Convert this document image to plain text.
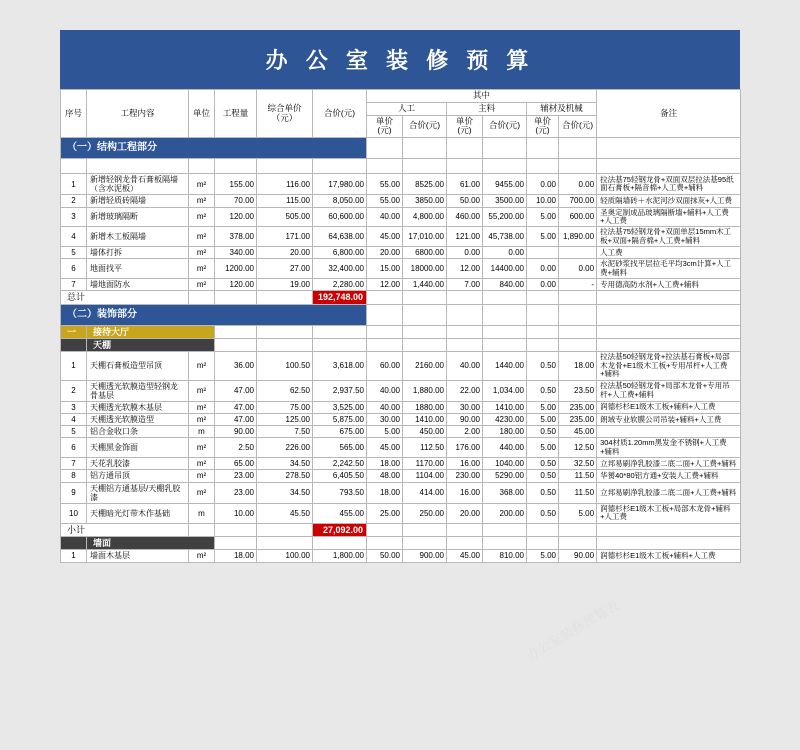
办 公 室 装 修 预 算
序号	工程内容	单位	工程量	综合单价（元）	合价(元)	其中						备注
						人工		主料		辅材及机械		
						单价(元)	合价(元)	单价(元)	合价(元)	单价(元)	合价(元)	
（一）结构工程部分												

1	新增轻钢龙骨石膏板隔墙（含水泥板）	m²	155.00	116.00	17,980.00	55.00	8525.00	61.00	9455.00	0.00	0.00	拉法基75轻钢龙骨+双面双层拉法基95纸面石膏板+隔音棉+人工费+辅料
2	新增轻质砖隔墙	m²	70.00	115.00	8,050.00	55.00	3850.00	50.00	3500.00	10.00	700.00	轻质隔墙砖＋水泥河沙双面抹灰+人工费
3	新增玻璃隔断	m²	120.00	505.00	60,600.00	40.00	4,800.00	460.00	55,200.00	5.00	600.00	圣奥定制成品玻璃隔断墙+辅料+人工费+人工费
4	新增木工板隔墙	m²	378.00	171.00	64,638.00	45.00	17,010.00	121.00	45,738.00	5.00	1,890.00	拉法基75轻钢龙骨+双面单层15mm木工板+双面+隔音棉+人工费+辅料
5	墙体打拆	m²	340.00	20.00	6,800.00	20.00	6800.00	0.00	0.00			人工费
6	地面找平	m²	1200.00	27.00	32,400.00	15.00	18000.00	12.00	14400.00	0.00	0.00	水泥砂浆找平层拉毛平均3cm计算+人工费+辅料
7	墙地面防水	m²	120.00	19.00	2,280.00	12.00	1,440.00	7.00	840.00	0.00	-	专用德高防水剂+人工费+辅料
总计					192,748.00							
（二）装饰部分												
一	接待大厅											
	天棚											
1	天棚石膏板造型吊顶	m²	36.00	100.50	3,618.00	60.00	2160.00	40.00	1440.00	0.50	18.00	拉法基50轻钢龙骨+拉法基石膏板+局部木龙骨+E1级木工板+专用吊杆+人工费+辅料
2	天棚透光软膜造型轻钢龙骨基层	m²	47.00	62.50	2,937.50	40.00	1,880.00	22.00	1,034.00	0.50	23.50	拉法基50轻钢龙骨+局部木龙骨+专用吊杆+人工费+辅料
3	天棚透光软膜木基层	m²	47.00	75.00	3,525.00	40.00	1880.00	30.00	1410.00	5.00	235.00	润德杉杉E1级木工板+辅料+人工费
4	天棚透光软膜造型	m²	47.00	125.00	5,875.00	30.00	1410.00	90.00	4230.00	5.00	235.00	朗域专业软膜公司吊装+辅料+人工费
5	铝合金收口条	m	90.00	7.50	675.00	5.00	450.00	2.00	180.00	0.50	45.00	
6	天棚黑金饰面	m²	2.50	226.00	565.00	45.00	112.50	176.00	440.00	5.00	12.50	304材质1.20mm黑发金不锈钢+人工费+辅料
7	天花乳胶漆	m²	65.00	34.50	2,242.50	18.00	1170.00	16.00	1040.00	0.50	32.50	立邦易刷净乳胶漆二底二面+人工费+辅料
8	铝方通吊顶	m²	23.00	278.50	6,405.50	48.00	1104.00	230.00	5290.00	0.50	11.50	华赟40*80铝方通+安装人工费+辅料
9	天棚铝方通基层/天棚乳胶漆	m²	23.00	34.50	793.50	18.00	414.00	16.00	368.00	0.50	11.50	立邦易刷净乳胶漆二底二面+人工费+辅料
10	天棚暗光灯带木作基础	m	10.00	45.50	455.00	25.00	250.00	20.00	200.00	0.50	5.00	润德杉杉E1级木工板+局部木龙骨+辅料+人工费
小计					27,092.00							
	墙面											
1	墙面木基层	m²	18.00	100.00	1,800.00	50.00	900.00	45.00	810.00	5.00	90.00	润德杉杉E1级木工板+辅料+人工费
